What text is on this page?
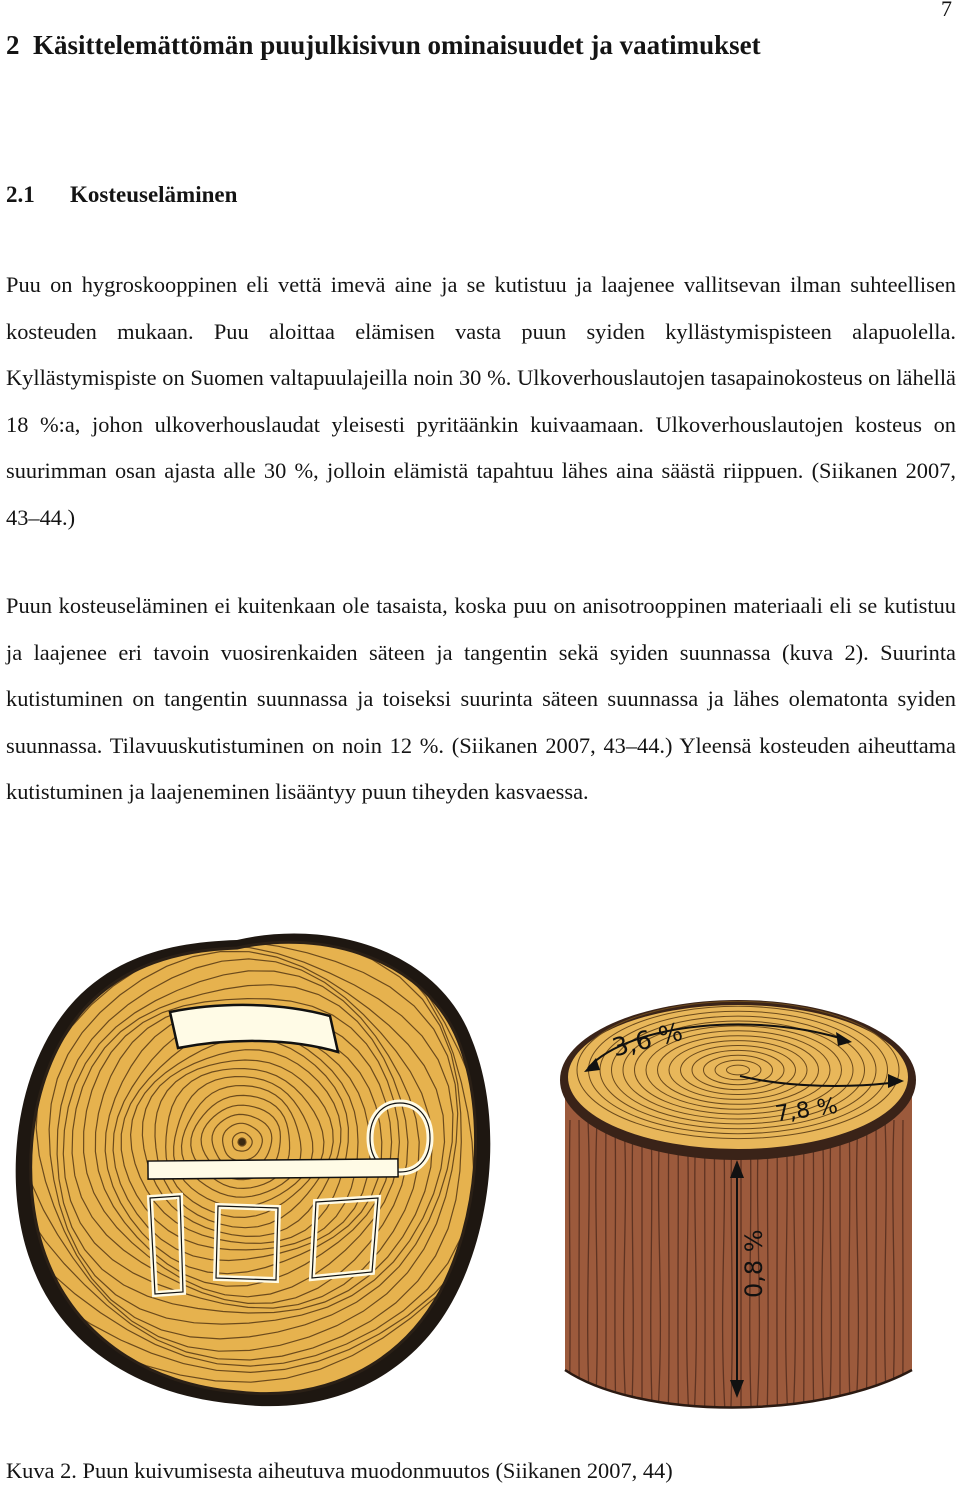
7
2  Käsittelemättömän puujulkisivun ominaisuudet ja vaatimukset
2.1 Kosteuseläminen

Puu on hygroskooppinen eli vettä imevä aine ja se kutistuu ja laajenee vallitsevan ilman suhteellisen kosteuden mukaan. Puu aloittaa elämisen vasta puun syiden kyllästymispisteen alapuolella. Kyllästymispiste on Suomen valtapuulajeilla noin 30 %. Ulkoverhouslautojen tasapainokosteus on lähellä 18 %:a, johon ulkoverhouslaudat yleisesti pyritäänkin kuivaamaan. Ulkoverhouslautojen kosteus on suurimman osan ajasta alle 30 %, jolloin elämistä tapahtuu lähes aina säästä riippuen. (Siikanen 2007, 43–44.)

Puun kosteuseläminen ei kuitenkaan ole tasaista, koska puu on anisotrooppinen materiaali eli se kutistuu ja laajenee eri tavoin vuosirenkaiden säteen ja tangentin sekä syiden suunnassa (kuva 2). Suurinta kutistuminen on tangentin suunnassa ja toiseksi suurinta säteen suunnassa ja lähes olematonta syiden suunnassa. Tilavuuskutistuminen on noin 12 %. (Siikanen 2007, 43–44.) Yleensä kosteuden aiheuttama kutistuminen ja laajeneminen lisääntyy puun tiheyden kasvaessa.

3,6 %
7,8 %
0,8 %

Kuva 2. Puun kuivumisesta aiheutuva muodonmuutos (Siikanen 2007, 44)
